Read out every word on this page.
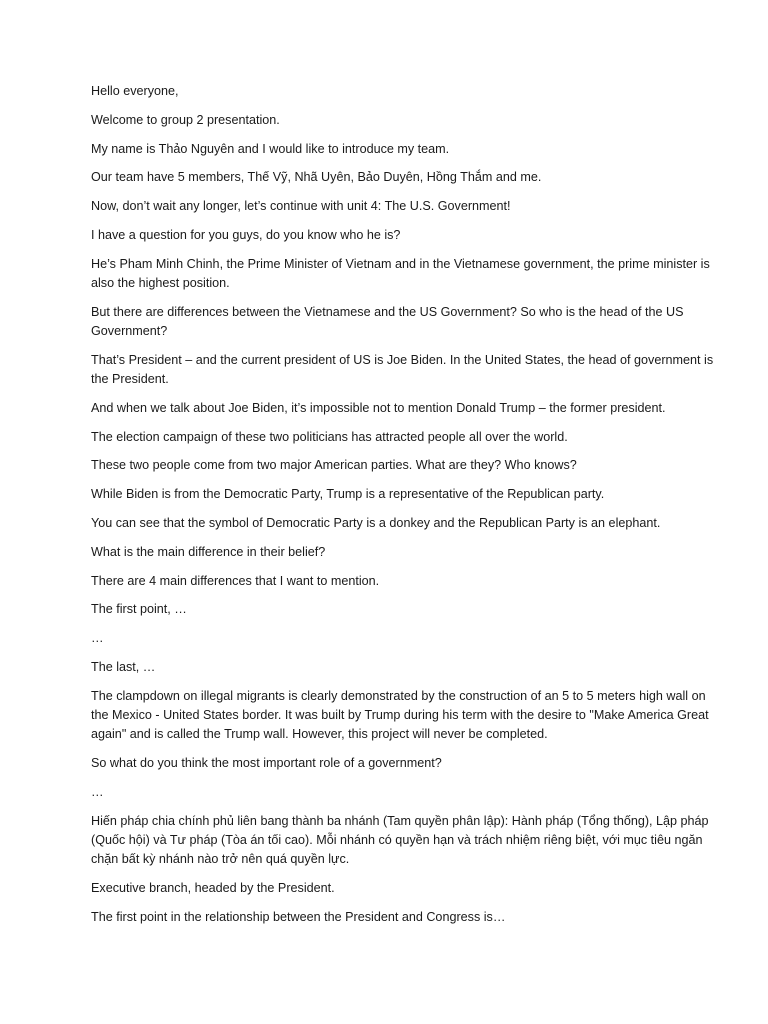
Hello everyone,

Welcome to group 2 presentation.

My name is Thảo Nguyên and I would like to introduce my team.

Our team have 5 members, Thế Vỹ, Nhã Uyên, Bảo Duyên, Hồng Thắm and me.

Now, don’t wait any longer, let’s continue with unit 4: The U.S. Government!

I have a question for you guys, do you know who he is?

He’s Pham Minh Chinh, the Prime Minister of Vietnam and in the Vietnamese government, the prime minister is also the highest position.

But there are differences between the Vietnamese and the US Government? So who is the head of the US Government?

That’s President – and the current president of US is Joe Biden. In the United States, the head of government is the President.

And when we talk about Joe Biden, it’s impossible not to mention Donald Trump – the former president.

The election campaign of these two politicians has attracted people all over the world.

These two people come from two major American parties. What are they? Who knows?

While Biden is from the Democratic Party, Trump is a representative of the Republican party.

You can see that the symbol of Democratic Party is a donkey and the Republican Party is an elephant.

What is the main difference in their belief?

There are 4 main differences that I want to mention.

The first point, …

…

The last, …

The clampdown on illegal migrants is clearly demonstrated by the construction of an 5 to 5 meters high wall on the Mexico - United States border. It was built by Trump during his term with the desire to "Make America Great again" and is called the Trump wall. However, this project will never be completed.

So what do you think the most important role of a government?

…

Hiến pháp chia chính phủ liên bang thành ba nhánh (Tam quyền phân lập): Hành pháp (Tổng thống), Lập pháp (Quốc hội) và Tư pháp (Tòa án tối cao). Mỗi nhánh có quyền hạn và trách nhiệm riêng biệt, với mục tiêu ngăn chặn bất kỳ nhánh nào trở nên quá quyền lực.

Executive branch, headed by the President.

The first point in the relationship between the President and Congress is…
